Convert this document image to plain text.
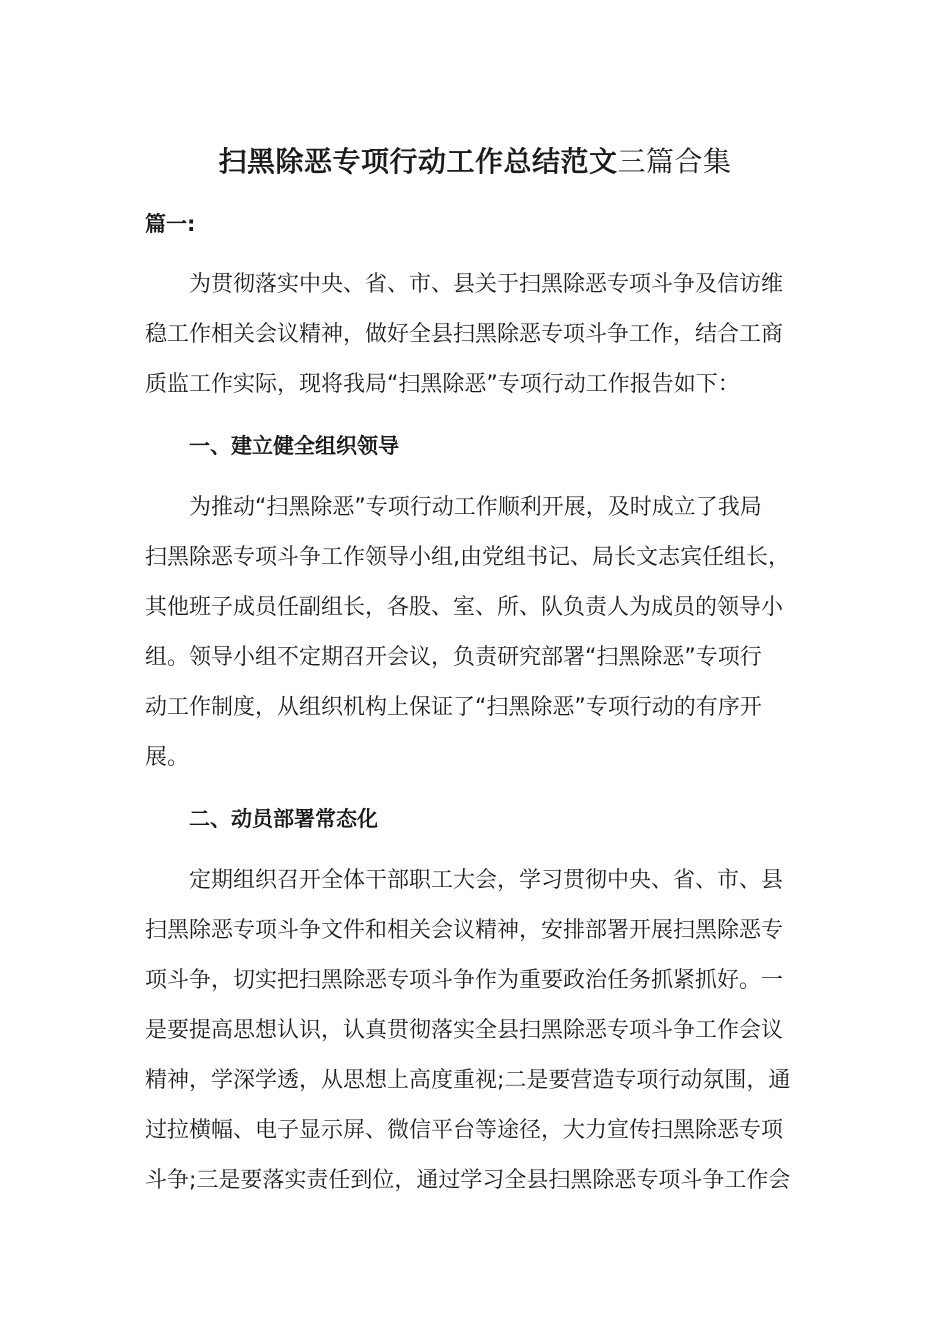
扫黑除恶专项行动工作总结范文三篇合集
篇一:
为贯彻落实中央、省、市、县关于扫黑除恶专项斗争及信访维
稳工作相关会议精神，做好全县扫黑除恶专项斗争工作，结合工商
质监工作实际，现将我局“扫黑除恶”专项行动工作报告如下：
一、建立健全组织领导
为推动“扫黑除恶”专项行动工作顺利开展，及时成立了我局
扫黑除恶专项斗争工作领导小组,由党组书记、局长文志宾任组长，
其他班子成员任副组长，各股、室、所、队负责人为成员的领导小
组。领导小组不定期召开会议，负责研究部署“扫黑除恶”专项行
动工作制度，从组织机构上保证了“扫黑除恶”专项行动的有序开
展。
二、动员部署常态化
定期组织召开全体干部职工大会，学习贯彻中央、省、市、县
扫黑除恶专项斗争文件和相关会议精神，安排部署开展扫黑除恶专
项斗争，切实把扫黑除恶专项斗争作为重要政治任务抓紧抓好。一
是要提高思想认识，认真贯彻落实全县扫黑除恶专项斗争工作会议
精神，学深学透，从思想上高度重视;二是要营造专项行动氛围，通
过拉横幅、电子显示屏、微信平台等途径，大力宣传扫黑除恶专项
斗争;三是要落实责任到位，通过学习全县扫黑除恶专项斗争工作会
